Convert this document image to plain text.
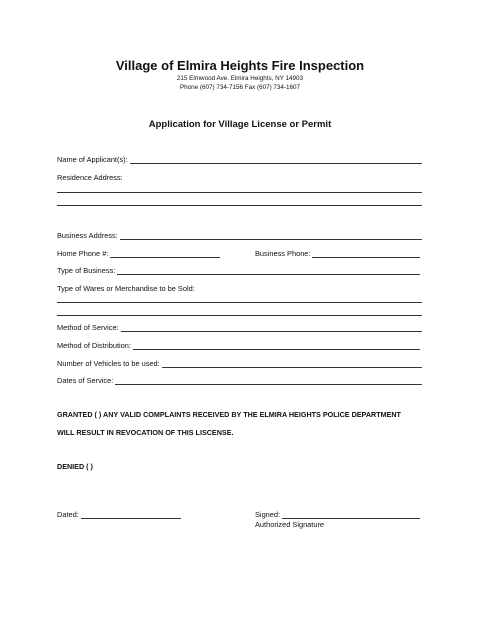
Village of Elmira Heights Fire Inspection
215 Elmwood Ave. Elmira Heights, NY 14903
Phone (607) 734-7156 Fax (607) 734-1607
Application for Village License or Permit
Name of Applicant(s):
Residence Address:
Business Address:
Home Phone #:	Business Phone:
Type of Business:
Type of Wares or Merchandise to be Sold:
Method of Service:
Method of Distribution:
Number of Vehicles to be used:
Dates of Service:
GRANTED ( ) ANY VALID COMPLAINTS RECEIVED BY THE ELMIRA HEIGHTS POLICE DEPARTMENT
WILL RESULT IN REVOCATION OF THIS LISCENSE.
DENIED ( )
Dated:	Signed:
Authorized Signature
